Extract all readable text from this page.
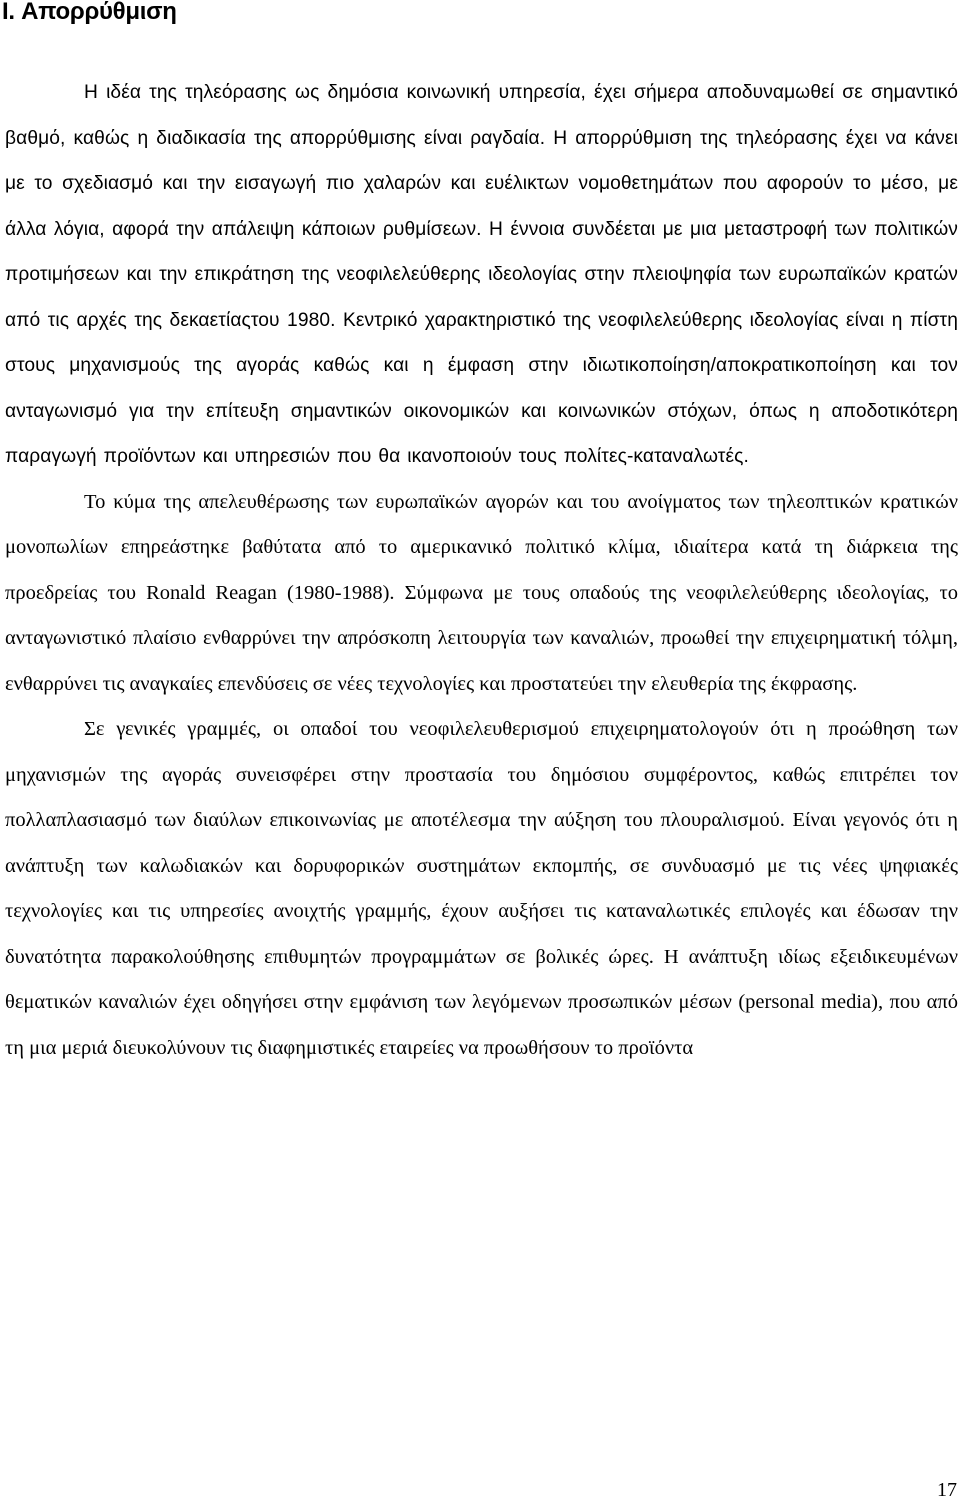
I. Απορρύθμιση

Η ιδέα της τηλεόρασης ως δημόσια κοινωνική υπηρεσία, έχει σήμερα αποδυναμωθεί σε σημαντικό βαθμό, καθώς η διαδικασία της απορρύθμισης είναι ραγδαία. Η απορρύθμιση της τηλεόρασης έχει να κάνει με το σχεδιασμό και την εισαγωγή πιο χαλαρών και ευέλικτων νομοθετημάτων που αφορούν το μέσο, με άλλα λόγια, αφορά την απάλειψη κάποιων ρυθμίσεων. Η έννοια συνδέεται με μια μεταστροφή των πολιτικών προτιμήσεων και την επικράτηση της νεοφιλελεύθερης ιδεολογίας στην πλειοψηφία των ευρωπαϊκών κρατών από τις αρχές της δεκαετίαςτου 1980. Κεντρικό χαρακτηριστικό της νεοφιλελεύθερης ιδεολογίας είναι η πίστη στους μηχανισμούς της αγοράς καθώς και η έμφαση στην ιδιωτικοποίηση/αποκρατικοποίηση και τον ανταγωνισμό για την επίτευξη σημαντικών οικονομικών και κοινωνικών στόχων, όπως η αποδοτικότερη παραγωγή προϊόντων και υπηρεσιών που θα ικανοποιούν τους πολίτες-καταναλωτές.

Το κύμα της απελευθέρωσης των ευρωπαϊκών αγορών και του ανοίγματος των τηλεοπτικών κρατικών μονοπωλίων επηρεάστηκε βαθύτατα από το αμερικανικό πολιτικό κλίμα, ιδιαίτερα κατά τη διάρκεια της προεδρείας του Ronald Reagan (1980-1988). Σύμφωνα με τους οπαδούς της νεοφιλελεύθερης ιδεολογίας, το ανταγωνιστικό πλαίσιο ενθαρρύνει την απρόσκοπη λειτουργία των καναλιών, προωθεί την επιχειρηματική τόλμη, ενθαρρύνει τις αναγκαίες επενδύσεις σε νέες τεχνολογίες και προστατεύει την ελευθερία της έκφρασης.

Σε γενικές γραμμές, οι οπαδοί του νεοφιλελευθερισμού επιχειρηματολογούν ότι η προώθηση των μηχανισμών της αγοράς συνεισφέρει στην προστασία του δημόσιου συμφέροντος, καθώς επιτρέπει τον πολλαπλασιασμό των διαύλων επικοινωνίας με αποτέλεσμα την αύξηση του πλουραλισμού. Είναι γεγονός ότι η ανάπτυξη των καλωδιακών και δορυφορικών συστημάτων εκπομπής, σε συνδυασμό με τις νέες ψηφιακές τεχνολογίες και τις υπηρεσίες ανοιχτής γραμμής, έχουν αυξήσει τις καταναλωτικές επιλογές και έδωσαν την δυνατότητα παρακολούθησης επιθυμητών προγραμμάτων σε βολικές ώρες. Η ανάπτυξη ιδίως εξειδικευμένων θεματικών καναλιών έχει οδηγήσει στην εμφάνιση των λεγόμενων προσωπικών μέσων (personal media), που από τη μια μεριά διευκολύνουν τις διαφημιστικές εταιρείες να προωθήσουν το προϊόντα

17
